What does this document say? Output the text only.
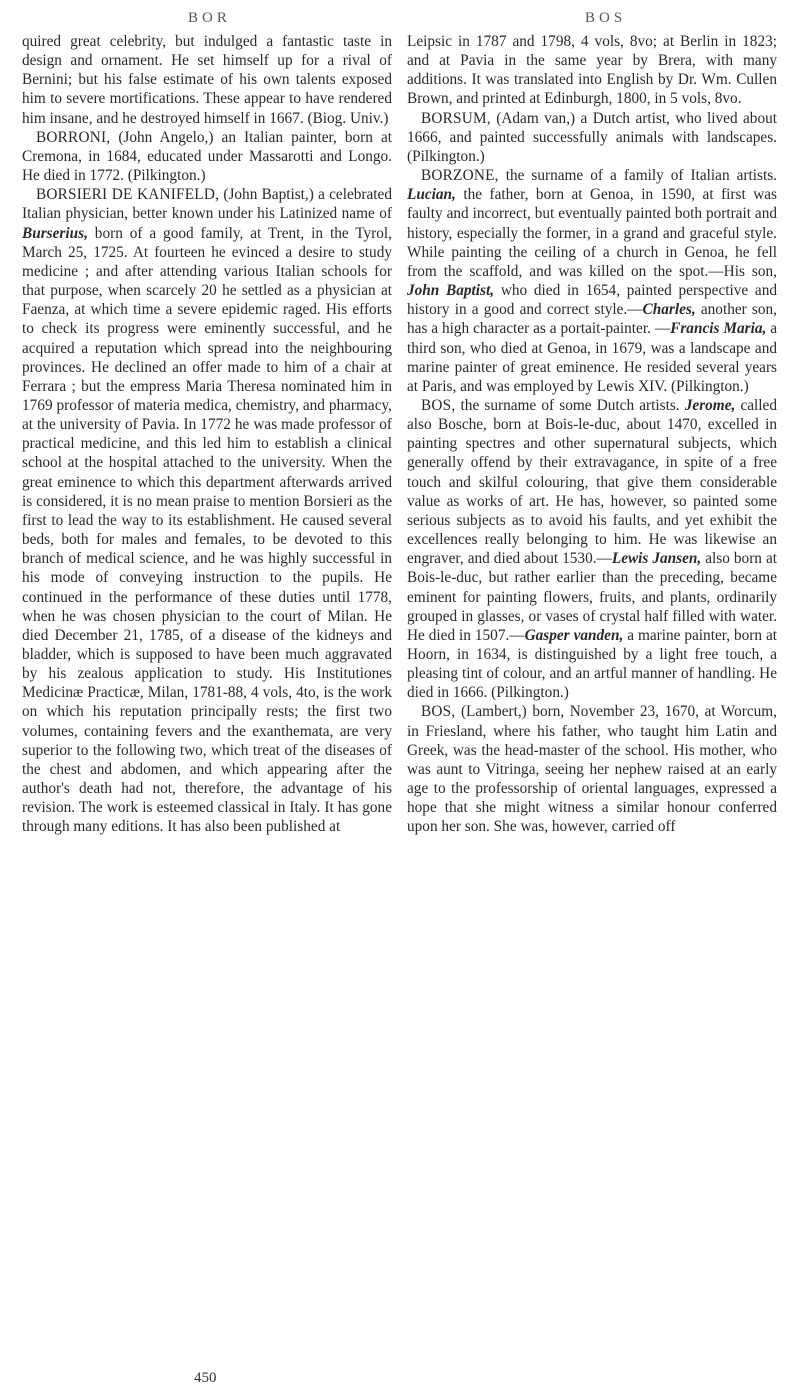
BOR	BOS

quired great celebrity, but indulged a fantastic taste in design and ornament. He set himself up for a rival of Bernini; but his false estimate of his own talents exposed him to severe mortifications. These appear to have rendered him insane, and he destroyed himself in 1667. (Biog. Univ.)

BORRONI, (John Angelo,) an Italian painter, born at Cremona, in 1684, educated under Massarotti and Longo. He died in 1772. (Pilkington.)

BORSIERI DE KANIFELD, (John Baptist,) a celebrated Italian physician, better known under his Latinized name of Burserius, born of a good family, at Trent, in the Tyrol, March 25, 1725. At fourteen he evinced a desire to study medicine ; and after attending various Italian schools for that purpose, when scarcely 20 he settled as a physician at Faenza, at which time a severe epidemic raged. His efforts to check its progress were eminently successful, and he acquired a reputation which spread into the neighbouring provinces. He declined an offer made to him of a chair at Ferrara ; but the empress Maria Theresa nominated him in 1769 professor of materia medica, chemistry, and pharmacy, at the university of Pavia. In 1772 he was made professor of practical medicine, and this led him to establish a clinical school at the hospital attached to the university. When the great eminence to which this department afterwards arrived is considered, it is no mean praise to mention Borsieri as the first to lead the way to its establishment. He caused several beds, both for males and females, to be devoted to this branch of medical science, and he was highly successful in his mode of conveying instruction to the pupils. He continued in the performance of these duties until 1778, when he was chosen physician to the court of Milan. He died December 21, 1785, of a disease of the kidneys and bladder, which is supposed to have been much aggravated by his zealous application to study. His Institutiones Medicinæ Practicæ, Milan, 1781-88, 4 vols, 4to, is the work on which his reputation principally rests; the first two volumes, containing fevers and the exanthemata, are very superior to the following two, which treat of the diseases of the chest and abdomen, and which appearing after the author's death had not, therefore, the advantage of his revision. The work is esteemed classical in Italy. It has gone through many editions. It has also been published at

Leipsic in 1787 and 1798, 4 vols, 8vo; at Berlin in 1823; and at Pavia in the same year by Brera, with many additions. It was translated into English by Dr. Wm. Cullen Brown, and printed at Edinburgh, 1800, in 5 vols, 8vo.

BORSUM, (Adam van,) a Dutch artist, who lived about 1666, and painted successfully animals with landscapes. (Pilkington.)

BORZONE, the surname of a family of Italian artists. Lucian, the father, born at Genoa, in 1590, at first was faulty and incorrect, but eventually painted both portrait and history, especially the former, in a grand and graceful style. While painting the ceiling of a church in Genoa, he fell from the scaffold, and was killed on the spot.—His son, John Baptist, who died in 1654, painted perspective and history in a good and correct style.—Charles, another son, has a high character as a portait-painter. —Francis Maria, a third son, who died at Genoa, in 1679, was a landscape and marine painter of great eminence. He resided several years at Paris, and was employed by Lewis XIV. (Pilkington.)

BOS, the surname of some Dutch artists. Jerome, called also Bosche, born at Bois-le-duc, about 1470, excelled in painting spectres and other supernatural subjects, which generally offend by their extravagance, in spite of a free touch and skilful colouring, that give them considerable value as works of art. He has, however, so painted some serious subjects as to avoid his faults, and yet exhibit the excellences really belonging to him. He was likewise an engraver, and died about 1530.—Lewis Jansen, also born at Bois-le-duc, but rather earlier than the preceding, became eminent for painting flowers, fruits, and plants, ordinarily grouped in glasses, or vases of crystal half filled with water. He died in 1507.—Gasper vanden, a marine painter, born at Hoorn, in 1634, is distinguished by a light free touch, a pleasing tint of colour, and an artful manner of handling. He died in 1666. (Pilkington.)

BOS, (Lambert,) born, November 23, 1670, at Worcum, in Friesland, where his father, who taught him Latin and Greek, was the head-master of the school. His mother, who was aunt to Vitringa, seeing her nephew raised at an early age to the professorship of oriental languages, expressed a hope that she might witness a similar honour conferred upon her son. She was, however, carried off

450
